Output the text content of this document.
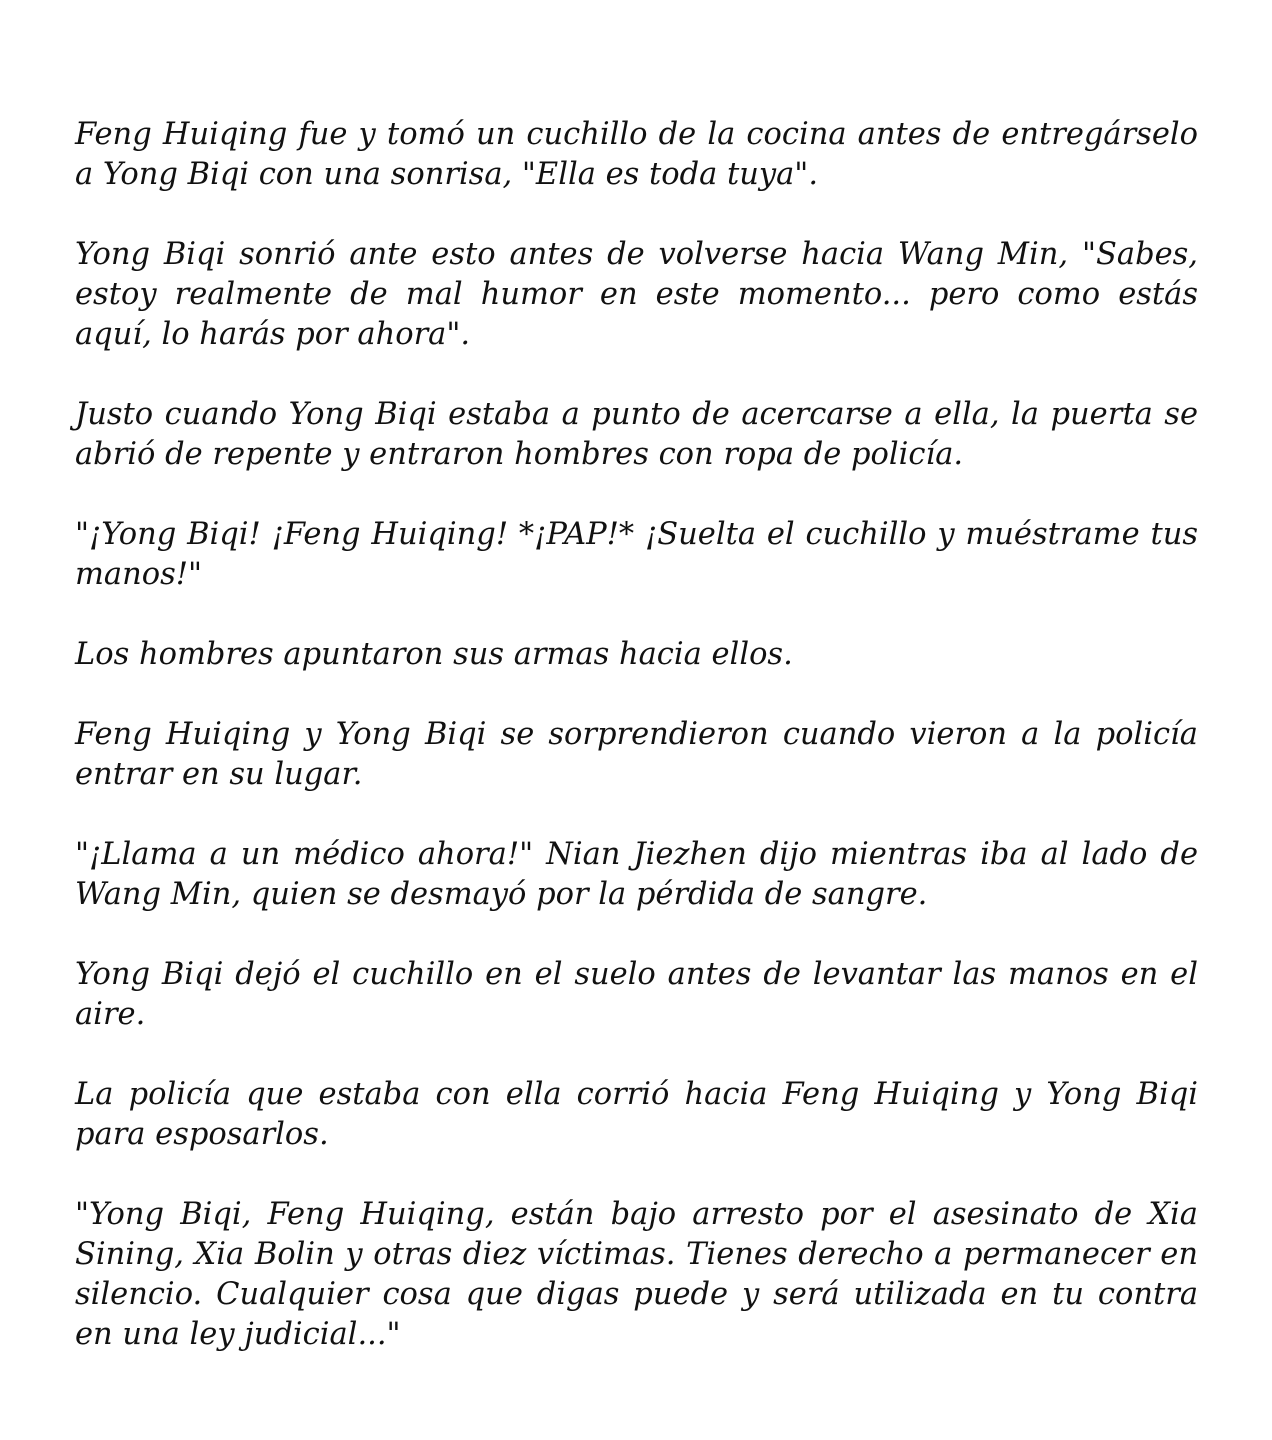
Feng Huiqing fue y tomó un cuchillo de la cocina antes de entregárselo a Yong Biqi con una sonrisa, "Ella es toda tuya".

Yong Biqi sonrió ante esto antes de volverse hacia Wang Min, "Sabes, estoy realmente de mal humor en este momento... pero como estás aquí, lo harás por ahora".

Justo cuando Yong Biqi estaba a punto de acercarse a ella, la puerta se abrió de repente y entraron hombres con ropa de policía.

"¡Yong Biqi! ¡Feng Huiqing! *¡PAP!* ¡Suelta el cuchillo y muéstrame tus manos!"

Los hombres apuntaron sus armas hacia ellos.

Feng Huiqing y Yong Biqi se sorprendieron cuando vieron a la policía entrar en su lugar.

"¡Llama a un médico ahora!" Nian Jiezhen dijo mientras iba al lado de Wang Min, quien se desmayó por la pérdida de sangre.

Yong Biqi dejó el cuchillo en el suelo antes de levantar las manos en el aire.

La policía que estaba con ella corrió hacia Feng Huiqing y Yong Biqi para esposarlos.

"Yong Biqi, Feng Huiqing, están bajo arresto por el asesinato de Xia Sining, Xia Bolin y otras diez víctimas. Tienes derecho a permanecer en silencio. Cualquier cosa que digas puede y será utilizada en tu contra en una ley judicial..."
